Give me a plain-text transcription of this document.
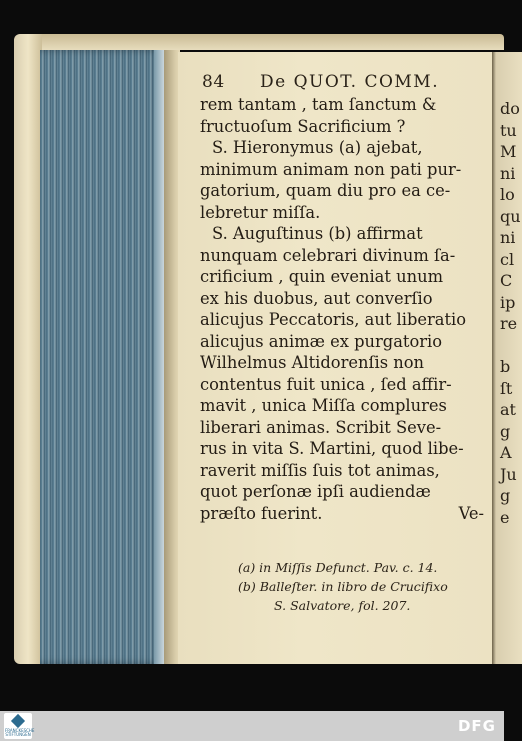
84 De QUOT. COMM.
rem tantam , tam ſanctum &
fructuoſum Sacrificium ?
S. Hieronymus (a) ajebat,
minimum animam non pati pur-
gatorium, quam diu pro ea ce-
lebretur miſſa.
S. Auguſtinus (b) affirmat
nunquam celebrari divinum ſa-
crificium , quin eveniat unum
ex his duobus, aut converſio
alicujus Peccatoris, aut liberatio
alicujus animæ ex purgatorio
Wilhelmus Altidorenſis non
contentus fuit unica , ſed affir-
mavit , unica Miſſa complures
liberari animas. Scribit Seve-
rus in vita S. Martini, quod libe-
raverit miſſis ſuis tot animas,
quot perſonæ ipſi audiendæ
præſto fuerint.	Ve-
(a) in Miſſis Defunct. Pav. c. 14.
(b) Balleſter. in libro de Crucifixo
S. Salvatore, fol. 207.
do
tu
M
ni
lo
qu
ni
cl
C
ip
re

b
ſt
at
g
A
Ju
g
e
FRANCKESCHE STIFTUNGEN	DFG
